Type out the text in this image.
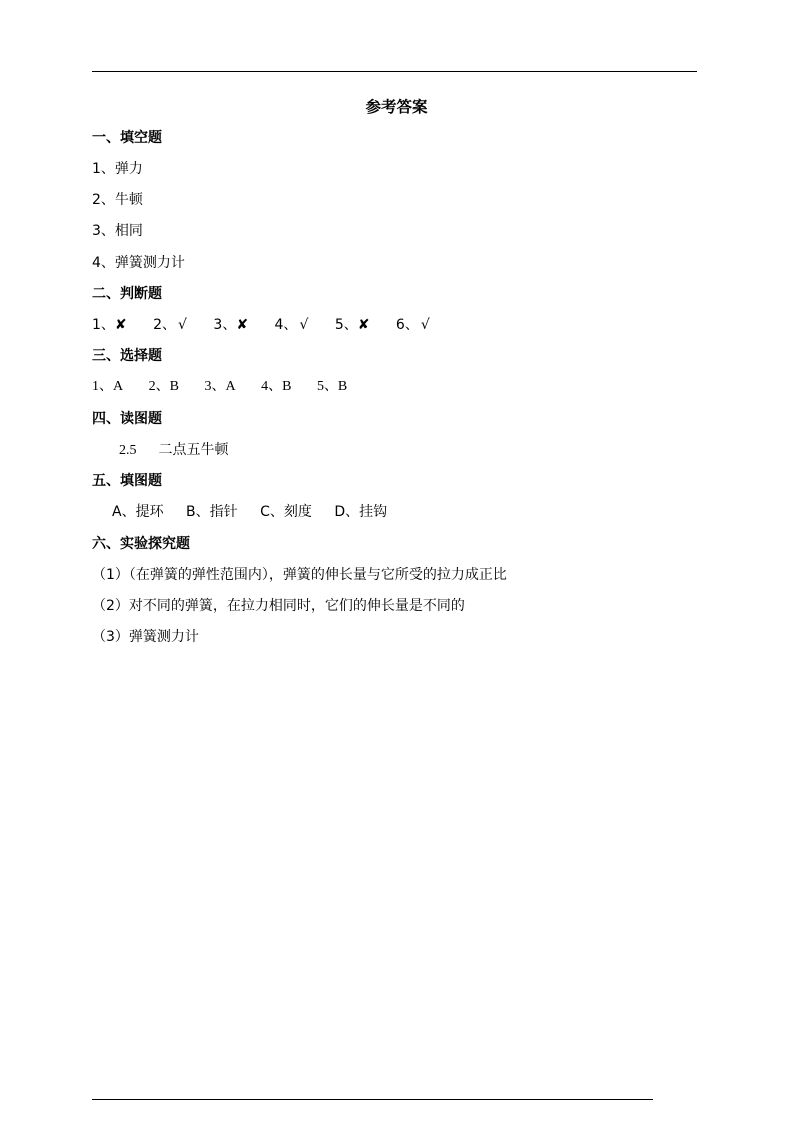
参考答案
一、填空题
1、弹力
2、牛顿
3、相同
4、弹簧测力计
二、判断题
1、✘ 2、 √ 3、✘ 4、 √ 5、✘ 6、 √
三、选择题
1、A 2、B 3、A 4、B 5、B
四、读图题
2.5 二点五牛顿
五、填图题
A、提环 B、指针 C、刻度 D、挂钩
六、实验探究题
（1）（在弹簧的弹性范围内），弹簧的伸长量与它所受的拉力成正比
（2）对不同的弹簧，在拉力相同时，它们的伸长量是不同的
（3）弹簧测力计
